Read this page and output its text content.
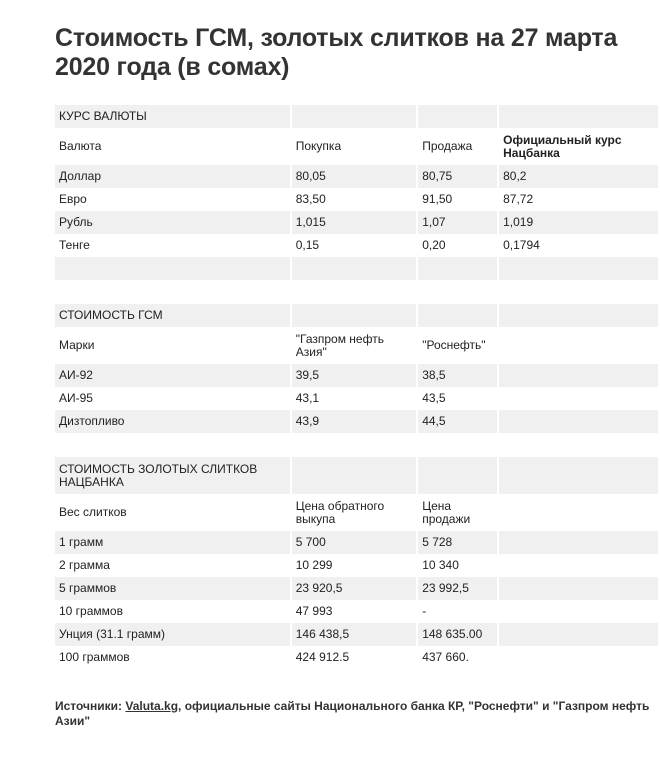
Стоимость ГСМ, золотых слитков на 27 марта 2020 года (в сомах)
КУРС ВАЛЮТЫ			
Валюта	Покупка	Продажа	Официальный курс Нацбанка
Доллар	80,05	80,75	80,2
Евро	83,50	91,50	87,72
Рубль	1,015	1,07	1,019
Тенге	0,15	0,20	0,1794

СТОИМОСТЬ ГСМ			
Марки	"Газпром нефть Азия"	"Роснефть"	
АИ-92	39,5	38,5	
АИ-95	43,1	43,5	
Дизтопливо	43,9	44,5	
СТОИМОСТЬ ЗОЛОТЫХ СЛИТКОВ НАЦБАНКА			
Вес слитков	Цена обратного выкупа	Цена продажи	
1 грамм	5 700	5 728	
2 грамма	10 299	10 340	
5 граммов	23 920,5	23 992,5	
10 граммов	47 993	-	
Унция (31.1 грамм)	146 438,5	148 635.00	
100 граммов	424 912.5	437 660.	
Источники: Valuta.kg, официальные сайты Национального банка КР, "Роснефти" и "Газпром нефть Азии"
